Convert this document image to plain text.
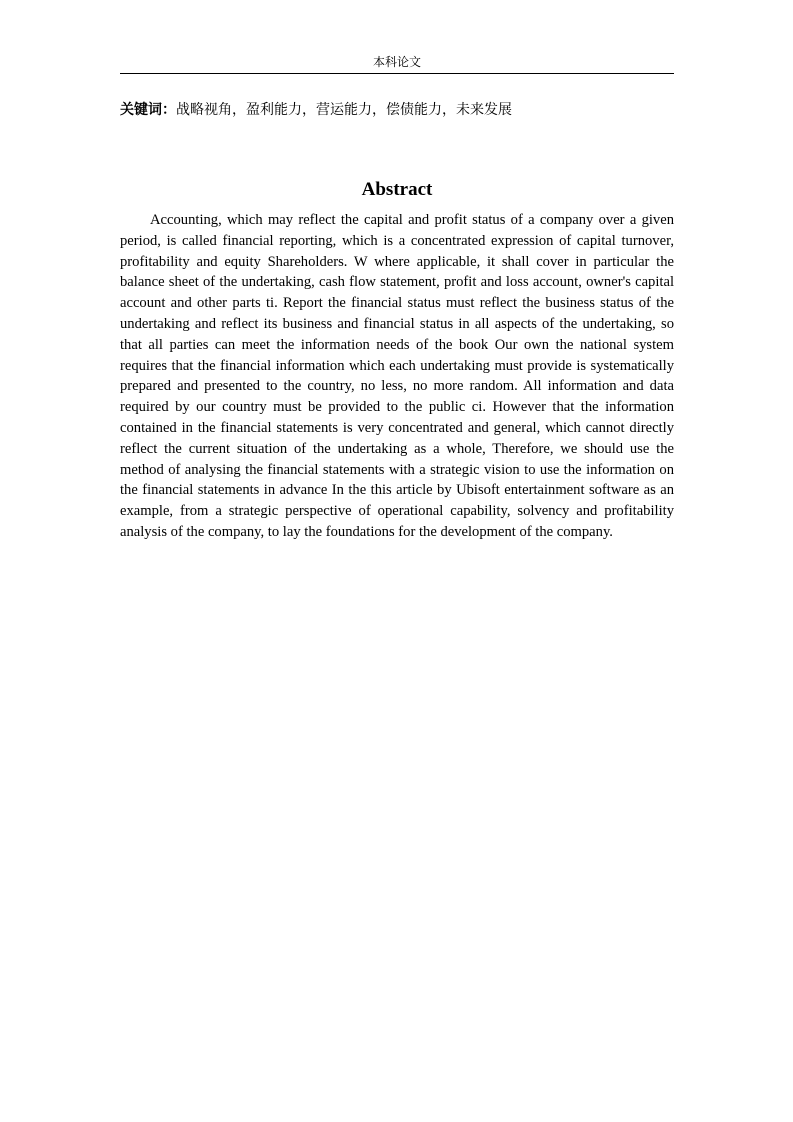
本科论文
关键词：战略视角，盈利能力，营运能力，偿债能力，未来发展
Abstract

Accounting, which may reflect the capital and profit status of a company over a given period, is called financial reporting, which is a concentrated expression of capital turnover, profitability and equity Shareholders. W where applicable, it shall cover in particular the balance sheet of the undertaking, cash flow statement, profit and loss account, owner's capital account and other parts ti. Report the financial status must reflect the business status of the undertaking and reflect its business and financial status in all aspects of the undertaking, so that all parties can meet the information needs of the book Our own the national system requires that the financial information which each undertaking must provide is systematically prepared and presented to the country, no less, no more random. All information and data required by our country must be provided to the public ci. However that the information contained in the financial statements is very concentrated and general, which cannot directly reflect the current situation of the undertaking as a whole, Therefore, we should use the method of analysing the financial statements with a strategic vision to use the information on the financial statements in advance In the this article by Ubisoft entertainment software as an example, from a strategic perspective of operational capability, solvency and profitability analysis of the company, to lay the foundations for the development of the company.
